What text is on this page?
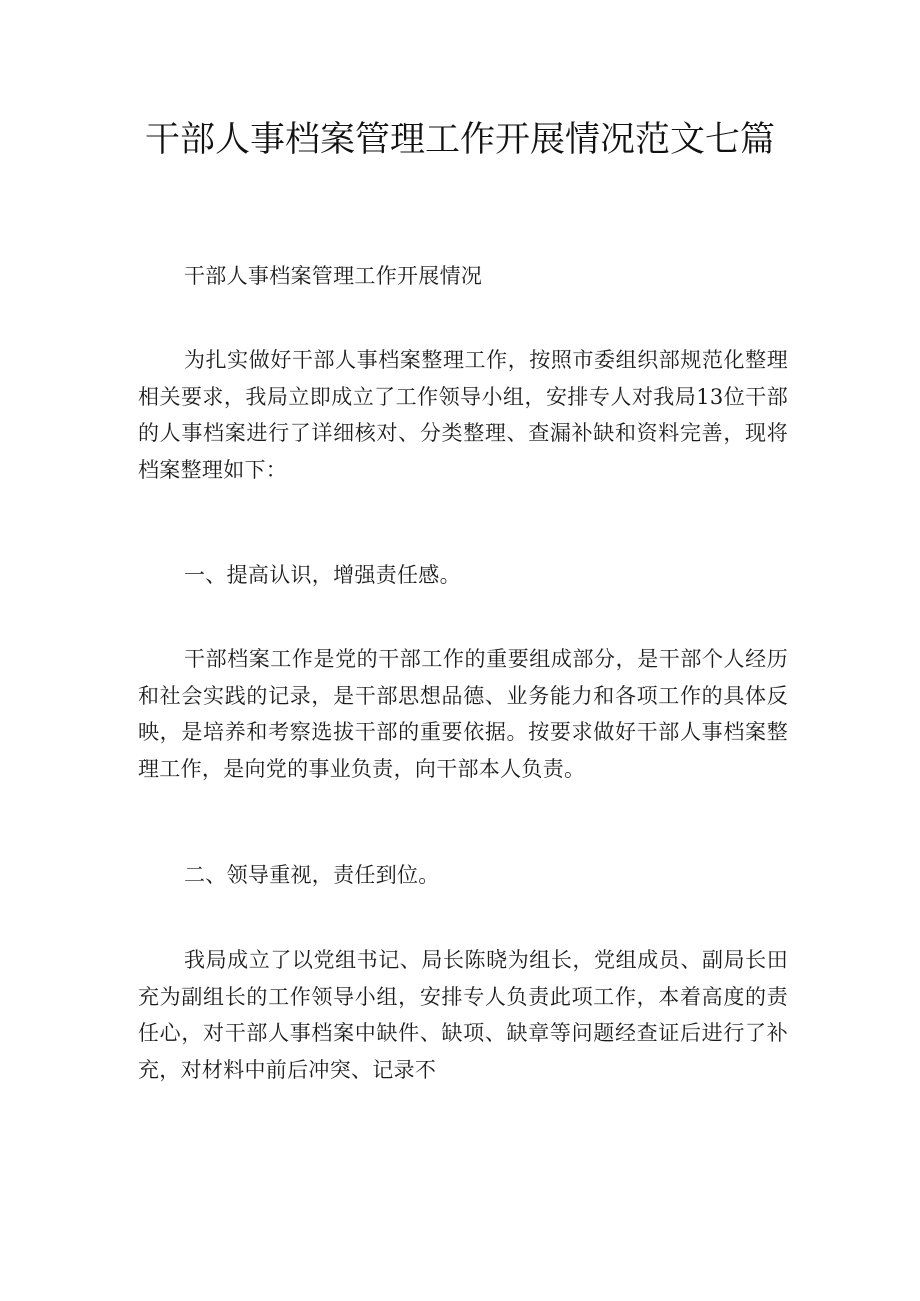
干部人事档案管理工作开展情况范文七篇

干部人事档案管理工作开展情况

为扎实做好干部人事档案整理工作，按照市委组织部规范化整理相关要求，我局立即成立了工作领导小组，安排专人对我局13位干部的人事档案进行了详细核对、分类整理、查漏补缺和资料完善，现将档案整理如下：

一、提高认识，增强责任感。

干部档案工作是党的干部工作的重要组成部分，是干部个人经历和社会实践的记录，是干部思想品德、业务能力和各项工作的具体反映，是培养和考察选拔干部的重要依据。按要求做好干部人事档案整理工作，是向党的事业负责，向干部本人负责。

二、领导重视，责任到位。

我局成立了以党组书记、局长陈晓为组长，党组成员、副局长田充为副组长的工作领导小组，安排专人负责此项工作，本着高度的责任心，对干部人事档案中缺件、缺项、缺章等问题经查证后进行了补充，对材料中前后冲突、记录不
